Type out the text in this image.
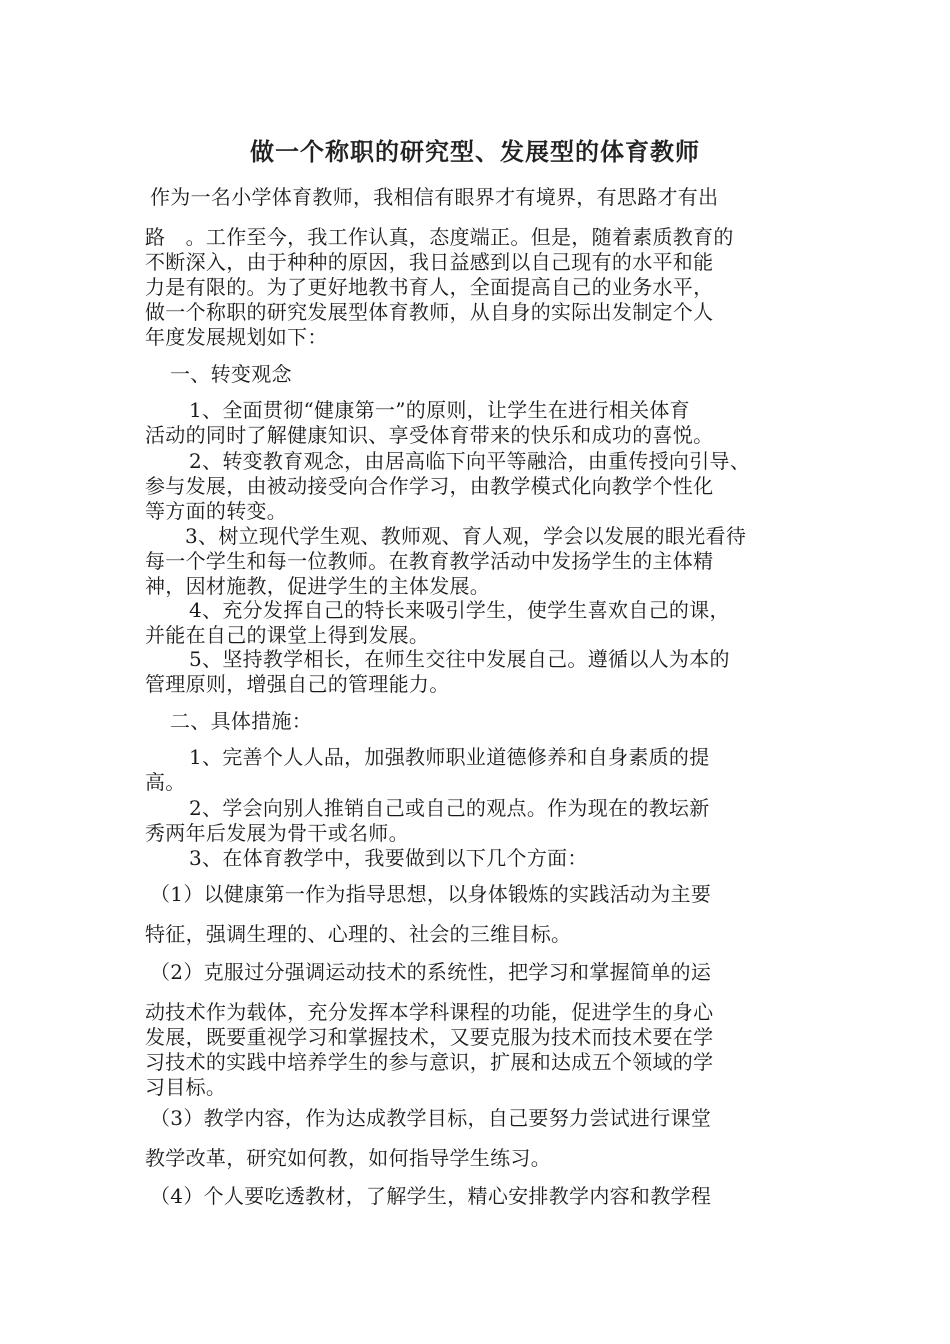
做一个称职的研究型、发展型的体育教师

作为一名小学体育教师，我相信有眼界才有境界，有思路才有出

路　。工作至今，我工作认真，态度端正。但是，随着素质教育的
不断深入，由于种种的原因，我日益感到以自己现有的水平和能
力是有限的。为了更好地教书育人，全面提高自己的业务水平，
做一个称职的研究发展型体育教师，从自身的实际出发制定个人
年度发展规划如下：

一、转变观念

1、全面贯彻“健康第一”的原则，让学生在进行相关体育
活动的同时了解健康知识、享受体育带来的快乐和成功的喜悦。

2、转变教育观念，由居高临下向平等融洽，由重传授向引导、
参与发展，由被动接受向合作学习，由教学模式化向教学个性化
等方面的转变。

3、树立现代学生观、教师观、育人观，学会以发展的眼光看待
每一个学生和每一位教师。在教育教学活动中发扬学生的主体精
神，因材施教，促进学生的主体发展。

4、充分发挥自己的特长来吸引学生，使学生喜欢自己的课，
并能在自己的课堂上得到发展。

5、坚持教学相长，在师生交往中发展自己。遵循以人为本的
管理原则，增强自己的管理能力。

二、具体措施：

1、完善个人人品，加强教师职业道德修养和自身素质的提
高。

2、学会向别人推销自己或自己的观点。作为现在的教坛新
秀两年后发展为骨干或名师。

3、在体育教学中，我要做到以下几个方面：

（1）以健康第一作为指导思想，以身体锻炼的实践活动为主要

特征，强调生理的、心理的、社会的三维目标。

（2）克服过分强调运动技术的系统性，把学习和掌握简单的运

动技术作为载体，充分发挥本学科课程的功能，促进学生的身心
发展，既要重视学习和掌握技术，又要克服为技术而技术要在学
习技术的实践中培养学生的参与意识，扩展和达成五个领域的学
习目标。

（3）教学内容，作为达成教学目标，自己要努力尝试进行课堂

教学改革，研究如何教，如何指导学生练习。

（4）个人要吃透教材，了解学生，精心安排教学内容和教学程
